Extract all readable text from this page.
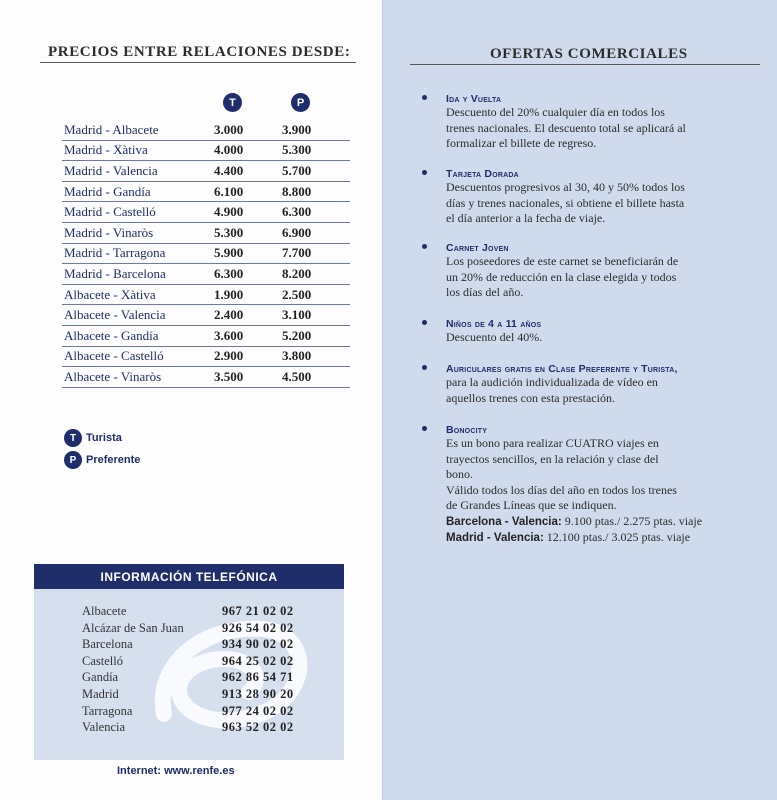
PRECIOS ENTRE RELACIONES DESDE:
T	P
Madrid - Albacete	3.000	3.900
Madrid - Xàtiva	4.000	5.300
Madrid - Valencia	4.400	5.700
Madrid - Gandía	6.100	8.800
Madrid - Castelló	4.900	6.300
Madrid - Vinaròs	5.300	6.900
Madrid - Tarragona	5.900	7.700
Madrid - Barcelona	6.300	8.200
Albacete - Xàtiva	1.900	2.500
Albacete - Valencia	2.400	3.100
Albacete - Gandía	3.600	5.200
Albacete - Castelló	2.900	3.800
Albacete - Vinaròs	3.500	4.500
T Turista
P Preferente
INFORMACIÓN TELEFÓNICA
Albacete	967 21 02 02
Alcázar de San Juan	926 54 02 02
Barcelona	934 90 02 02
Castelló	964 25 02 02
Gandía	962 86 54 71
Madrid	913 28 90 20
Tarragona	977 24 02 02
Valencia	963 52 02 02
Internet: www.renfe.es
OFERTAS COMERCIALES
Ida y Vuelta
Descuento del 20% cualquier día en todos los
trenes nacionales. El descuento total se aplicará al
formalizar el billete de regreso.
Tarjeta Dorada
Descuentos progresivos al 30, 40 y 50% todos los
días y trenes nacionales, si obtiene el billete hasta
el día anterior a la fecha de viaje.
Carnet Joven
Los poseedores de este carnet se beneficiarán de
un 20% de reducción en la clase elegida y todos
los días del año.
Niños de 4 a 11 años
Descuento del 40%.
Auriculares gratis en Clase Preferente y Turista,
para la audición individualizada de vídeo en
aquellos trenes con esta prestación.
Bonocity
Es un bono para realizar CUATRO viajes en
trayectos sencillos, en la relación y clase del
bono.
Válido todos los días del año en todos los trenes
de Grandes Líneas que se indiquen.
Barcelona - Valencia: 9.100 ptas./ 2.275 ptas. viaje
Madrid - Valencia: 12.100 ptas./ 3.025 ptas. viaje
